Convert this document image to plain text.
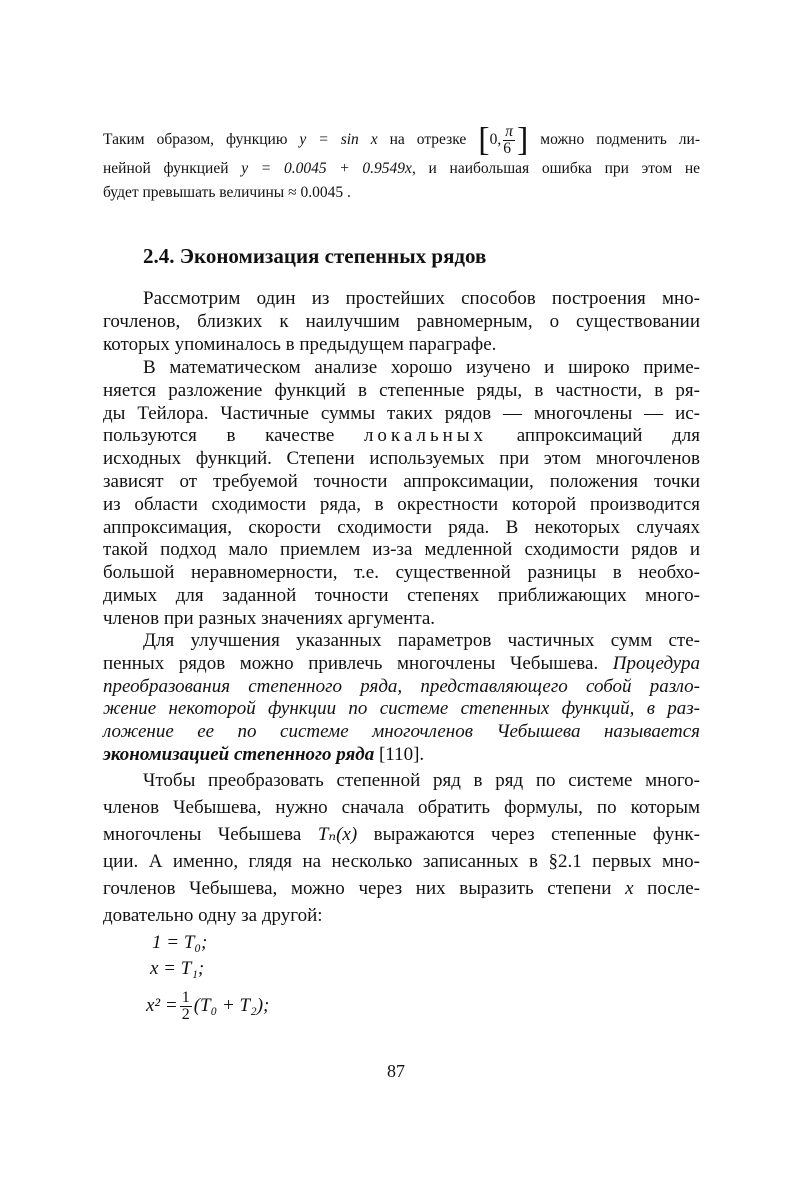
Таким образом, функцию y = sin x на отрезке [0, $\frac{\pi}{6}$ ] можно подменить ли-
нейной функцией y = 0.0045 + 0.9549x, и наибольшая ошибка при этом не
будет превышать величины ≈ 0.0045 .
2.4. Экономизация степенных рядов
Рассмотрим один из простейших способов построения мно-
гочленов, близких к наилучшим равномерным, о существовании
которых упоминалось в предыдущем параграфе.
В математическом анализе хорошо изучено и широко приме-
няется разложение функций в степенные ряды, в частности, в ря-
ды Тейлора. Частичные суммы таких рядов — многочлены — ис-
пользуются в качестве локальных аппроксимаций для
исходных функций. Степени используемых при этом многочленов
зависят от требуемой точности аппроксимации, положения точки
из области сходимости ряда, в окрестности которой производится
аппроксимация, скорости сходимости ряда. В некоторых случаях
такой подход мало приемлем из-за медленной сходимости рядов и
большой неравномерности, т.е. существенной разницы в необхо-
димых для заданной точности степенях приближающих много-
членов при разных значениях аргумента.
Для улучшения указанных параметров частичных сумм сте-
пенных рядов можно привлечь многочлены Чебышева. Процедура
преобразования степенного ряда, представляющего собой разло-
жение некоторой функции по системе степенных функций, в раз-
ложение ее по системе многочленов Чебышева называется
экономизацией степенного ряда [110].
Чтобы преобразовать степенной ряд в ряд по системе много-
членов Чебышева, нужно сначала обратить формулы, по которым
многочлены Чебышева Tₙ(x) выражаются через степенные функ-
ции. А именно, глядя на несколько записанных в §2.1 первых мно-
гочленов Чебышева, можно через них выразить степени x после-
довательно одну за другой:
1 = T₀;
x = T₁;
$x^2 = \frac{1}{2} (T_0 + T_2)$;
87
